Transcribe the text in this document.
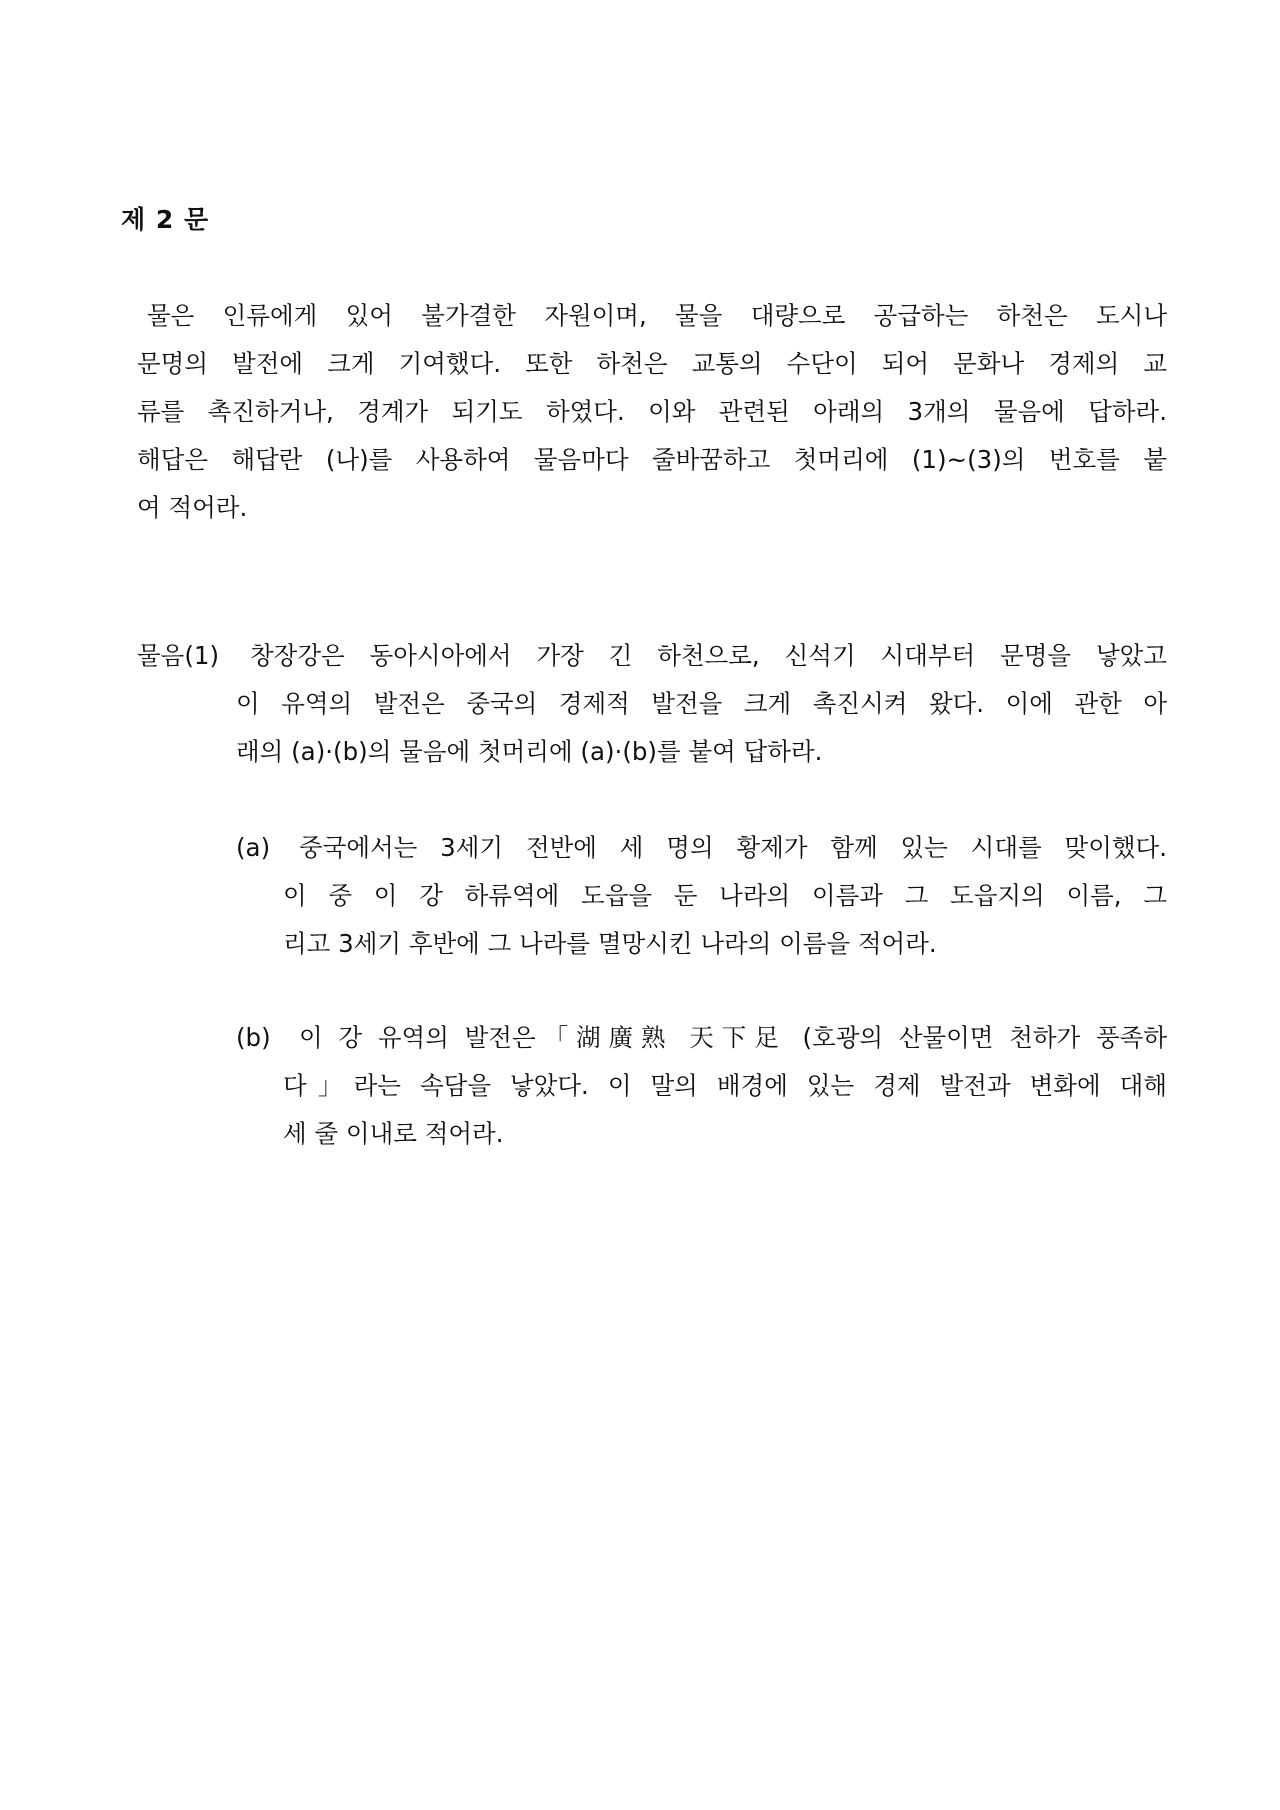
제 2 문
물은 인류에게 있어 불가결한 자원이며, 물을 대량으로 공급하는 하천은 도시나
문명의 발전에 크게 기여했다. 또한 하천은 교통의 수단이 되어 문화나 경제의 교
류를 촉진하거나, 경계가 되기도 하였다. 이와 관련된 아래의 3개의 물음에 답하라.
해답은 해답란 (나)를 사용하여 물음마다 줄바꿈하고 첫머리에 (1)~(3)의 번호를 붙
여 적어라.
물음(1) 창장강은 동아시아에서 가장 긴 하천으로, 신석기 시대부터 문명을 낳았고
이 유역의 발전은 중국의 경제적 발전을 크게 촉진시켜 왔다. 이에 관한 아
래의 (a)·(b)의 물음에 첫머리에 (a)·(b)를 붙여 답하라.
(a) 중국에서는 3세기 전반에 세 명의 황제가 함께 있는 시대를 맞이했다.
이 중 이 강 하류역에 도읍을 둔 나라의 이름과 그 도읍지의 이름, 그
리고 3세기 후반에 그 나라를 멸망시킨 나라의 이름을 적어라.
(b) 이 강 유역의 발전은「湖廣熟 天下足 (호광의 산물이면 천하가 풍족하
다」라는 속담을 낳았다. 이 말의 배경에 있는 경제 발전과 변화에 대해
세 줄 이내로 적어라.
